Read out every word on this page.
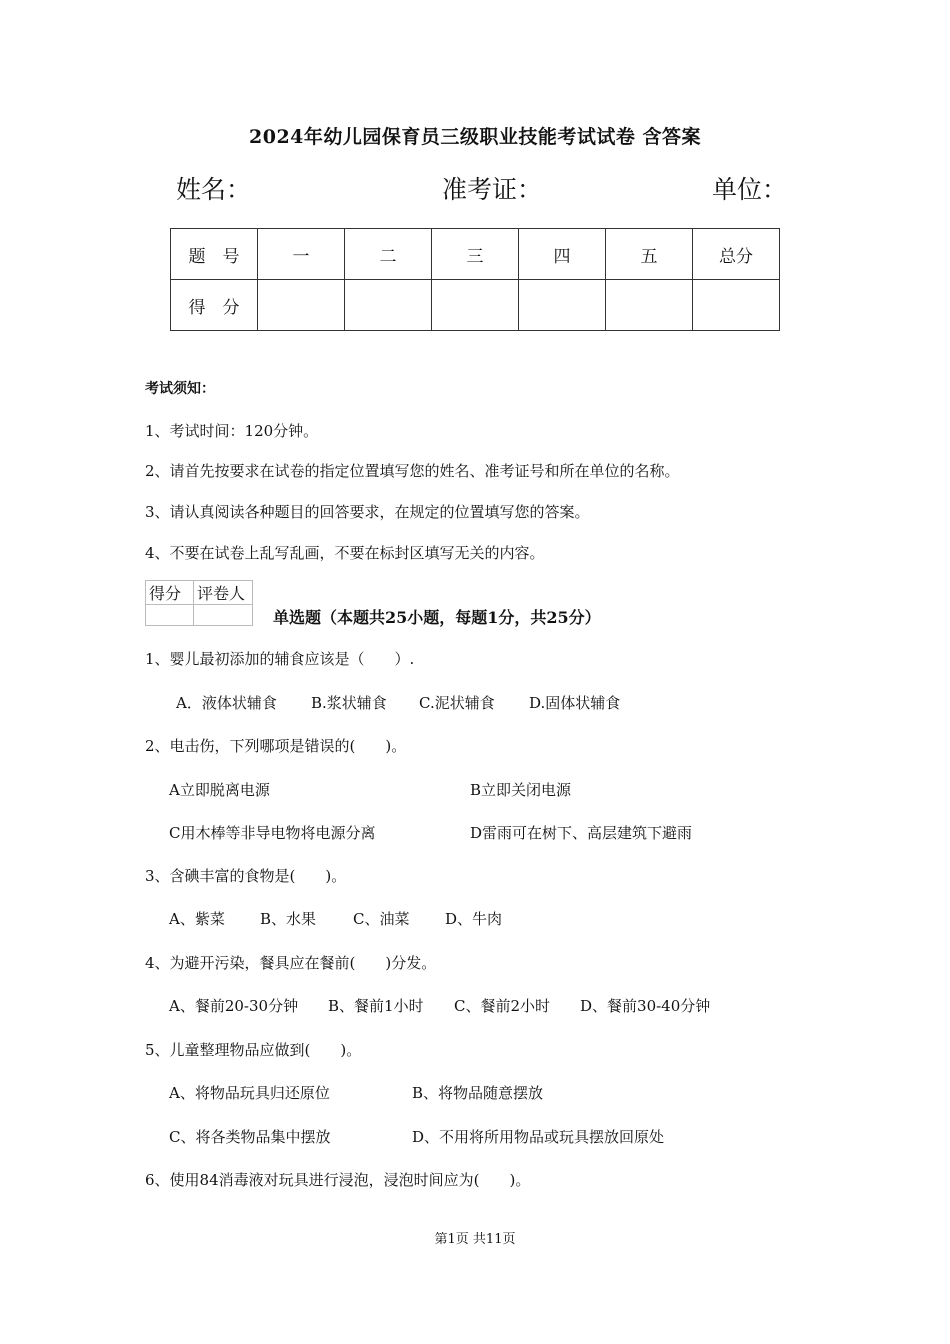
2024年幼儿园保育员三级职业技能考试试卷 含答案
姓名：	准考证：	单位：
题　号	一	二	三	四	五	总分
得　分						
考试须知：
1、考试时间：120分钟。
2、请首先按要求在试卷的指定位置填写您的姓名、准考证号和所在单位的名称。
3、请认真阅读各种题目的回答要求，在规定的位置填写您的答案。
4、不要在试卷上乱写乱画，不要在标封区填写无关的内容。
得分	评卷人

单选题（本题共25小题，每题1分，共25分）
1、婴儿最初添加的辅食应该是（　　）.
A．液体状辅食 B.浆状辅食 C.泥状辅食 D.固体状辅食
2、电击伤，下列哪项是错误的(　　)。
A立即脱离电源	B立即关闭电源
C用木棒等非导电物将电源分离	D雷雨可在树下、高层建筑下避雨
3、含碘丰富的食物是(　　)。
A、紫菜 B、水果 C、油菜 D、牛肉
4、为避开污染，餐具应在餐前(　　)分发。
A、餐前20-30分钟 B、餐前1小时 C、餐前2小时 D、餐前30-40分钟
5、儿童整理物品应做到(　　)。
A、将物品玩具归还原位	B、将物品随意摆放
C、将各类物品集中摆放	D、不用将所用物品或玩具摆放回原处
6、使用84消毒液对玩具进行浸泡，浸泡时间应为(　　)。
第1页 共11页
